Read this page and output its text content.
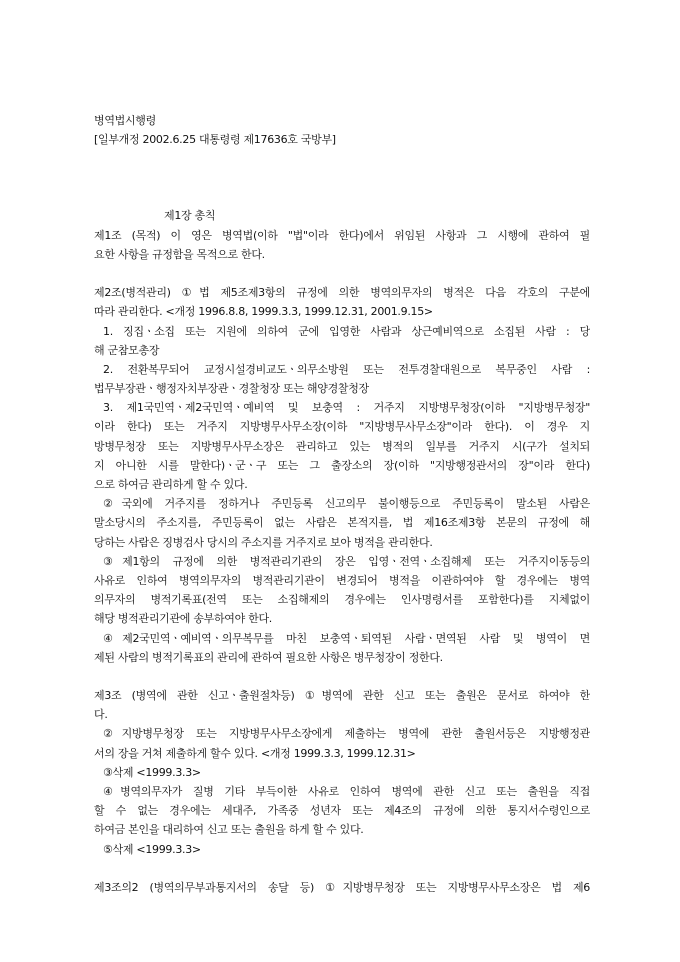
병역법시행령
[일부개정 2002.6.25 대통령령 제17636호 국방부]
제1장 총칙
제1조 (목적) 이 영은 병역법(이하 "법"이라 한다)에서 위임된 사항과 그 시행에 관하여 필
요한 사항을 규정함을 목적으로 한다.
제2조(병적관리) ①법 제5조제3항의 규정에 의한 병역의무자의 병적은 다음 각호의 구분에
따라 관리한다. <개정 1996.8.8, 1999.3.3, 1999.12.31, 2001.9.15>
1. 징집ㆍ소집 또는 지원에 의하여 군에 입영한 사람과 상근예비역으로 소집된 사람 : 당
해 군참모총장
2. 전환복무되어 교정시설경비교도ㆍ의무소방원 또는 전투경찰대원으로 복무중인 사람 :
법무부장관ㆍ행정자치부장관ㆍ경찰청장 또는 해양경찰청장
3. 제1국민역ㆍ제2국민역ㆍ예비역 및 보충역 : 거주지 지방병무청장(이하 "지방병무청장"
이라 한다) 또는 거주지 지방병무사무소장(이하 "지방병무사무소장"이라 한다). 이 경우 지
방병무청장 또는 지방병무사무소장은 관리하고 있는 병적의 일부를 거주지 시(구가 설치되
지 아니한 시를 말한다)ㆍ군ㆍ구 또는 그 출장소의 장(이하 "지방행정관서의 장"이라 한다)
으로 하여금 관리하게 할 수 있다.
②국외에 거주지를 정하거나 주민등록 신고의무 불이행등으로 주민등록이 말소된 사람은
말소당시의 주소지를, 주민등록이 없는 사람은 본적지를, 법 제16조제3항 본문의 규정에 해
당하는 사람은 징병검사 당시의 주소지를 거주지로 보아 병적을 관리한다.
③제1항의 규정에 의한 병적관리기관의 장은 입영ㆍ전역ㆍ소집해제 또는 거주지이동등의
사유로 인하여 병역의무자의 병적관리기관이 변경되어 병적을 이관하여야 할 경우에는 병역
의무자의 병적기록표(전역 또는 소집해제의 경우에는 인사명령서를 포함한다)를 지체없이
해당 병적관리기관에 송부하여야 한다.
④제2국민역ㆍ예비역ㆍ의무복무를 마친 보충역ㆍ퇴역된 사람ㆍ면역된 사람 및 병역이 면
제된 사람의 병적기록표의 관리에 관하여 필요한 사항은 병무청장이 정한다.
제3조 (병역에 관한 신고ㆍ출원절차등) ①병역에 관한 신고 또는 출원은 문서로 하여야 한
다.
②지방병무청장 또는 지방병무사무소장에게 제출하는 병역에 관한 출원서등은 지방행정관
서의 장을 거쳐 제출하게 할수 있다. <개정 1999.3.3, 1999.12.31>
③삭제 <1999.3.3>
④병역의무자가 질병 기타 부득이한 사유로 인하여 병역에 관한 신고 또는 출원을 직접
할 수 없는 경우에는 세대주, 가족중 성년자 또는 제4조의 규정에 의한 통지서수령인으로
하여금 본인을 대리하여 신고 또는 출원을 하게 할 수 있다.
⑤삭제 <1999.3.3>
제3조의2 (병역의무부과통지서의 송달 등) ①지방병무청장 또는 지방병무사무소장은 법 제6
